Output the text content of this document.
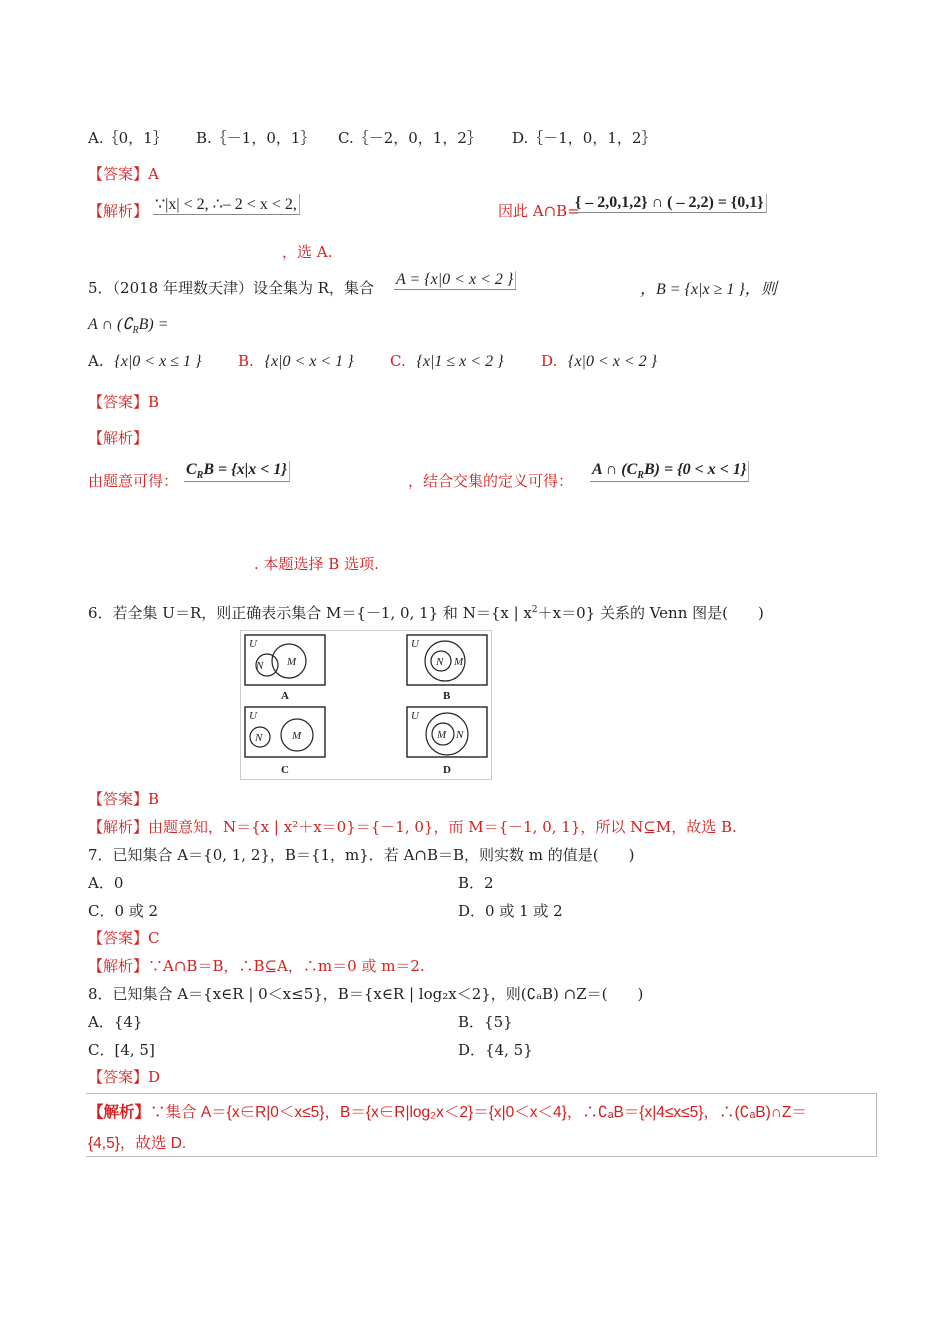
A.｛0，1｝ B.｛－1，0，1｝ C.｛－2，0，1，2｝ D.｛－1，0，1，2｝
【答案】A
【解析】 ∵|x| < 2, ∴– 2 < x < 2,	因此 A∩B=
{ – 2,0,1,2} ∩ ( – 2,2) = {0,1}
，选 A.
5．（2018 年理数天津）设全集为 R，集合 A = {x|0 < x < 2 }
，B = {x|x ≥ 1 }，则
A ∩ $(∁_RB)$ =
A. {x|0 < x ≤ 1 } B. {x|0 < x < 1 } C. {x|1 ≤ x < 2 }	D. {x|0 < x < 2 }
【答案】B
【解析】
由题意可得：
$C_RB = \{x|x < 1\}$
，结合交集的定义可得：
A ∩ $(C_RB) = \{0 < x < 1\}$
. 本题选择 B 选项.
6．若全集 U＝R，则正确表示集合 M＝{－1, 0, 1} 和 N＝{x | $x^2+x=0$} 关系的 Venn 图是(　　)
U
M
N
A
U
N M
B
U
N	M
C
U
M N
D
【答案】B
【解析】由题意知，N＝{x | x²＋x＝0}＝{－1, 0}，而 M＝{－1, 0, 1}，所以 N⊆M，故选 B.
7．已知集合 A＝{0, 1, 2}，B＝{1，m}．若 A∩B＝B，则实数 m 的值是(　　)
A．0	B．2
C．0 或 2	D．0 或 1 或 2
【答案】C
【解析】∵A∩B＝B，∴B⊆A，∴m＝0 或 m＝2.
8．已知集合 A＝{x∈R | 0＜x≤5}，B＝{x∈R | log₂x＜2}，则(∁ₐB) ∩Z＝(　　)
A．{4}	B．{5}
C．[4, 5]	D．{4, 5}
【答案】D
【解析】∵集合 A＝{x∈R|0＜x≤5}，B＝{x∈R|log₂x＜2}＝{x|0＜x＜4}，∴∁ₐB＝{x|4≤x≤5}，∴(∁ₐB)∩Z＝
{4,5}，故选 D.
